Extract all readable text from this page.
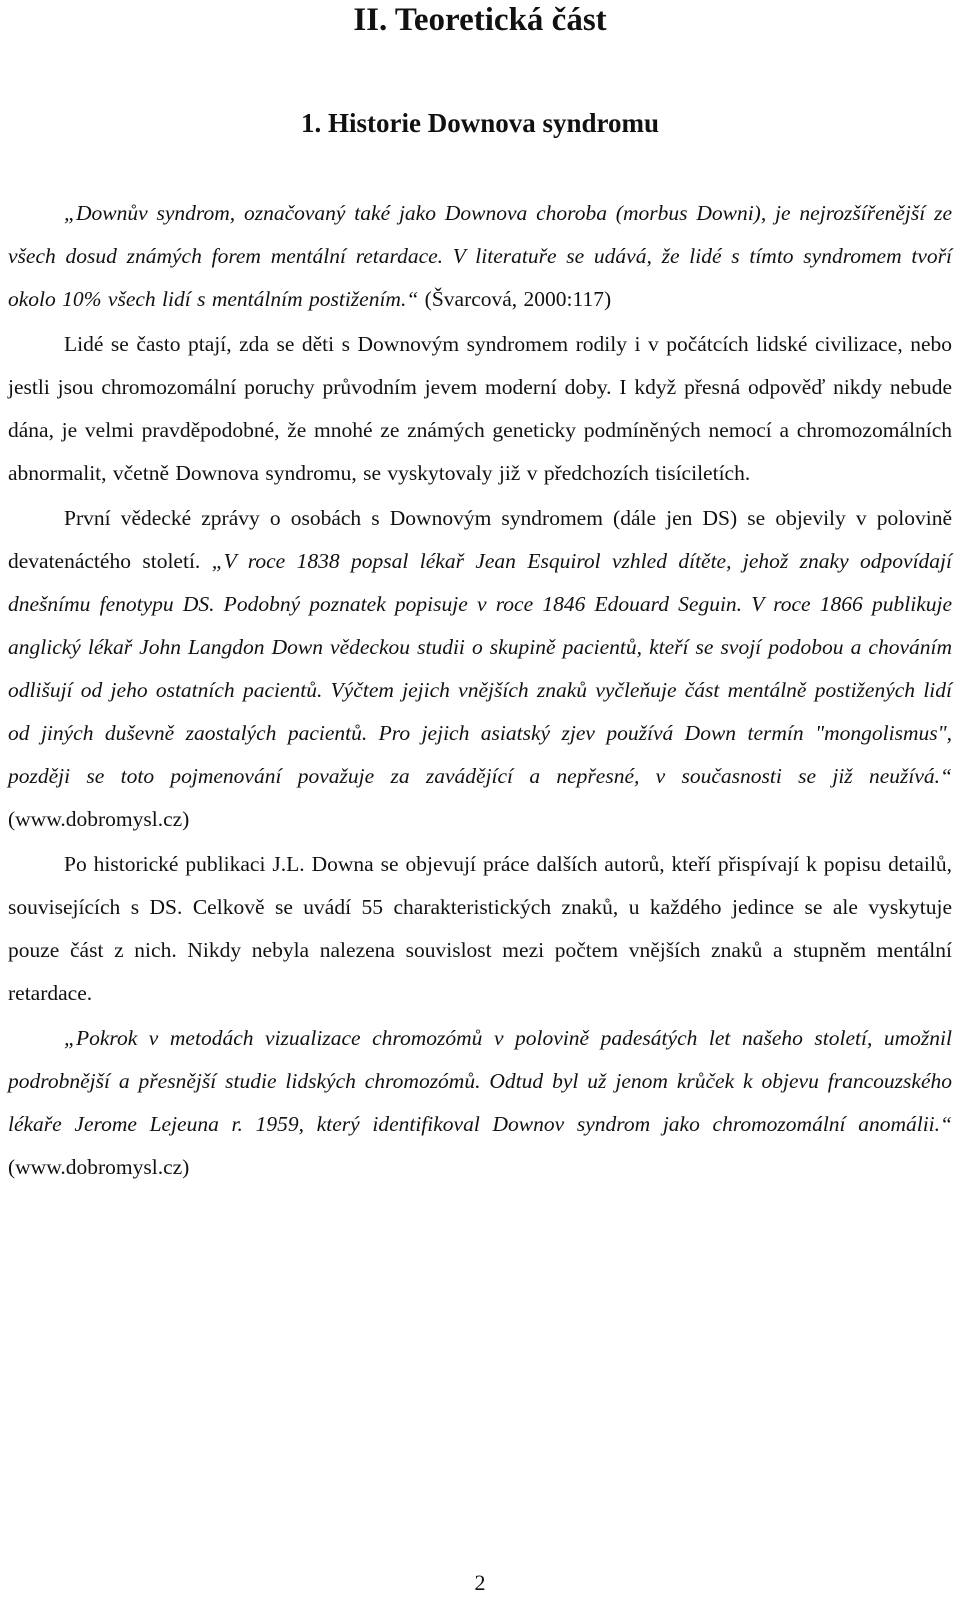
II. Teoretická část
1. Historie Downova syndromu

„Downův syndrom, označovaný také jako Downova choroba (morbus Downi), je nejrozšířenější ze všech dosud známých forem mentální retardace. V literatuře se udává, že lidé s tímto syndromem tvoří okolo 10% všech lidí s mentálním postižením.“ (Švarcová, 2000:117)

Lidé se často ptají, zda se děti s Downovým syndromem rodily i v počátcích lidské civilizace, nebo jestli jsou chromozomální poruchy průvodním jevem moderní doby. I když přesná odpověď nikdy nebude dána, je velmi pravděpodobné, že mnohé ze známých geneticky podmíněných nemocí a chromozomálních abnormalit, včetně Downova syndromu, se vyskytovaly již v předchozích tisíciletích.

První vědecké zprávy o osobách s Downovým syndromem (dále jen DS) se objevily v polovině devatenáctého století. „V roce 1838 popsal lékař Jean Esquirol vzhled dítěte, jehož znaky odpovídají dnešnímu fenotypu DS. Podobný poznatek popisuje v roce 1846 Edouard Seguin. V roce 1866 publikuje anglický lékař John Langdon Down vědeckou studii o skupině pacientů, kteří se svojí podobou a chováním odlišují od jeho ostatních pacientů. Výčtem jejich vnějších znaků vyčleňuje část mentálně postižených lidí od jiných duševně zaostalých pacientů. Pro jejich asiatský zjev používá Down termín "mongolismus", později se toto pojmenování považuje za zavádějící a nepřesné, v současnosti se již neužívá.“ (www.dobromysl.cz)

Po historické publikaci J.L. Downa se objevují práce dalších autorů, kteří přispívají k popisu detailů, souvisejících s DS. Celkově se uvádí 55 charakteristických znaků, u každého jedince se ale vyskytuje pouze část z nich. Nikdy nebyla nalezena souvislost mezi počtem vnějších znaků a stupněm mentální retardace.

„Pokrok v metodách vizualizace chromozómů v polovině padesátých let našeho století, umožnil podrobnější a přesnější studie lidských chromozómů. Odtud byl už jenom krůček k objevu francouzského lékaře Jerome Lejeuna r. 1959, který identifikoval Downov syndrom jako chromozomální anomálii.“ (www.dobromysl.cz)

2
